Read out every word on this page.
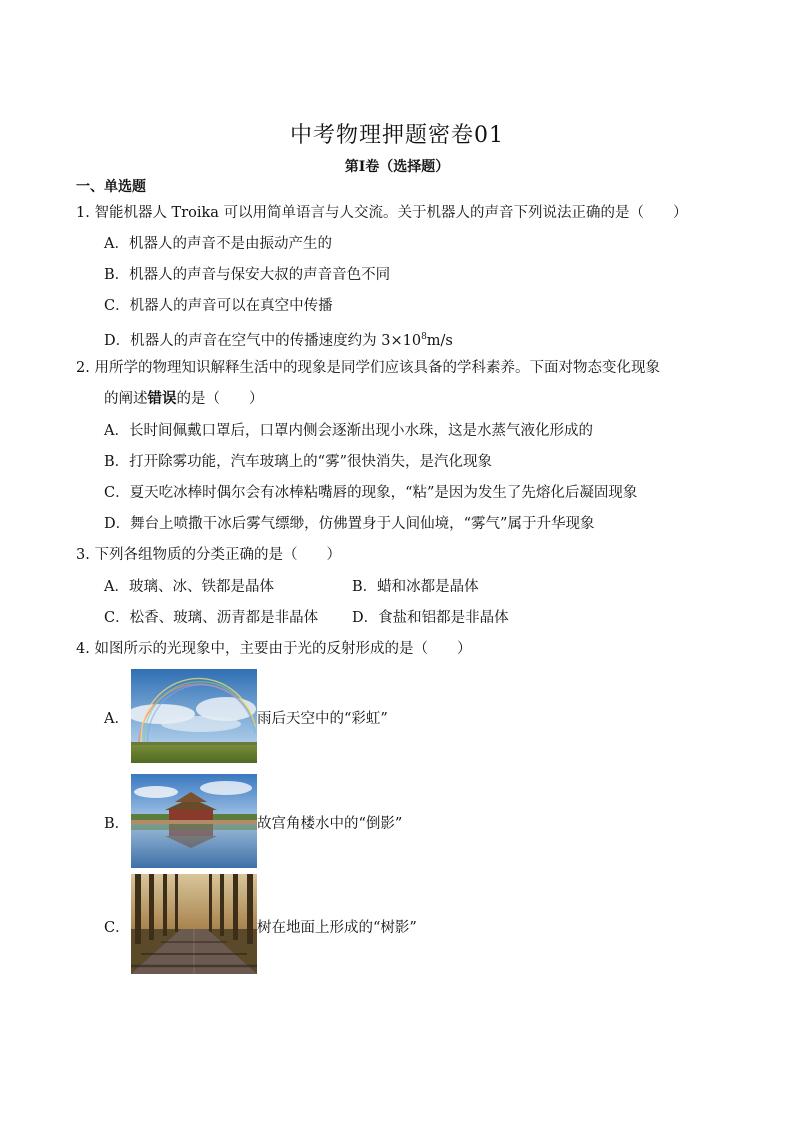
中考物理押题密卷01
第Ⅰ卷（选择题）
一、单选题
1. 智能机器人 Troika 可以用简单语言与人交流。关于机器人的声音下列说法正确的是（　　）
A．机器人的声音不是由振动产生的
B．机器人的声音与保安大叔的声音音色不同
C．机器人的声音可以在真空中传播
D．机器人的声音在空气中的传播速度约为 $3\times 10^8m/s$
2. 用所学的物理知识解释生活中的现象是同学们应该具备的学科素养。下面对物态变化现象
的阐述错误的是（　　）
A．长时间佩戴口罩后，口罩内侧会逐渐出现小水珠，这是水蒸气液化形成的
B．打开除雾功能，汽车玻璃上的“雾”很快消失，是汽化现象
C．夏天吃冰棒时偶尔会有冰棒粘嘴唇的现象，“粘”是因为发生了先熔化后凝固现象
D．舞台上喷撒干冰后雾气缥缈，仿佛置身于人间仙境，“雾气”属于升华现象
3. 下列各组物质的分类正确的是（　　）
A．玻璃、冰、铁都是晶体	B．蜡和冰都是晶体
C．松香、玻璃、沥青都是非晶体 D．食盐和铝都是非晶体
4. 如图所示的光现象中，主要由于光的反射形成的是（　　）
A．	雨后天空中的“彩虹”
B．	故宫角楼水中的“倒影”
C．	树在地面上形成的“树影”
